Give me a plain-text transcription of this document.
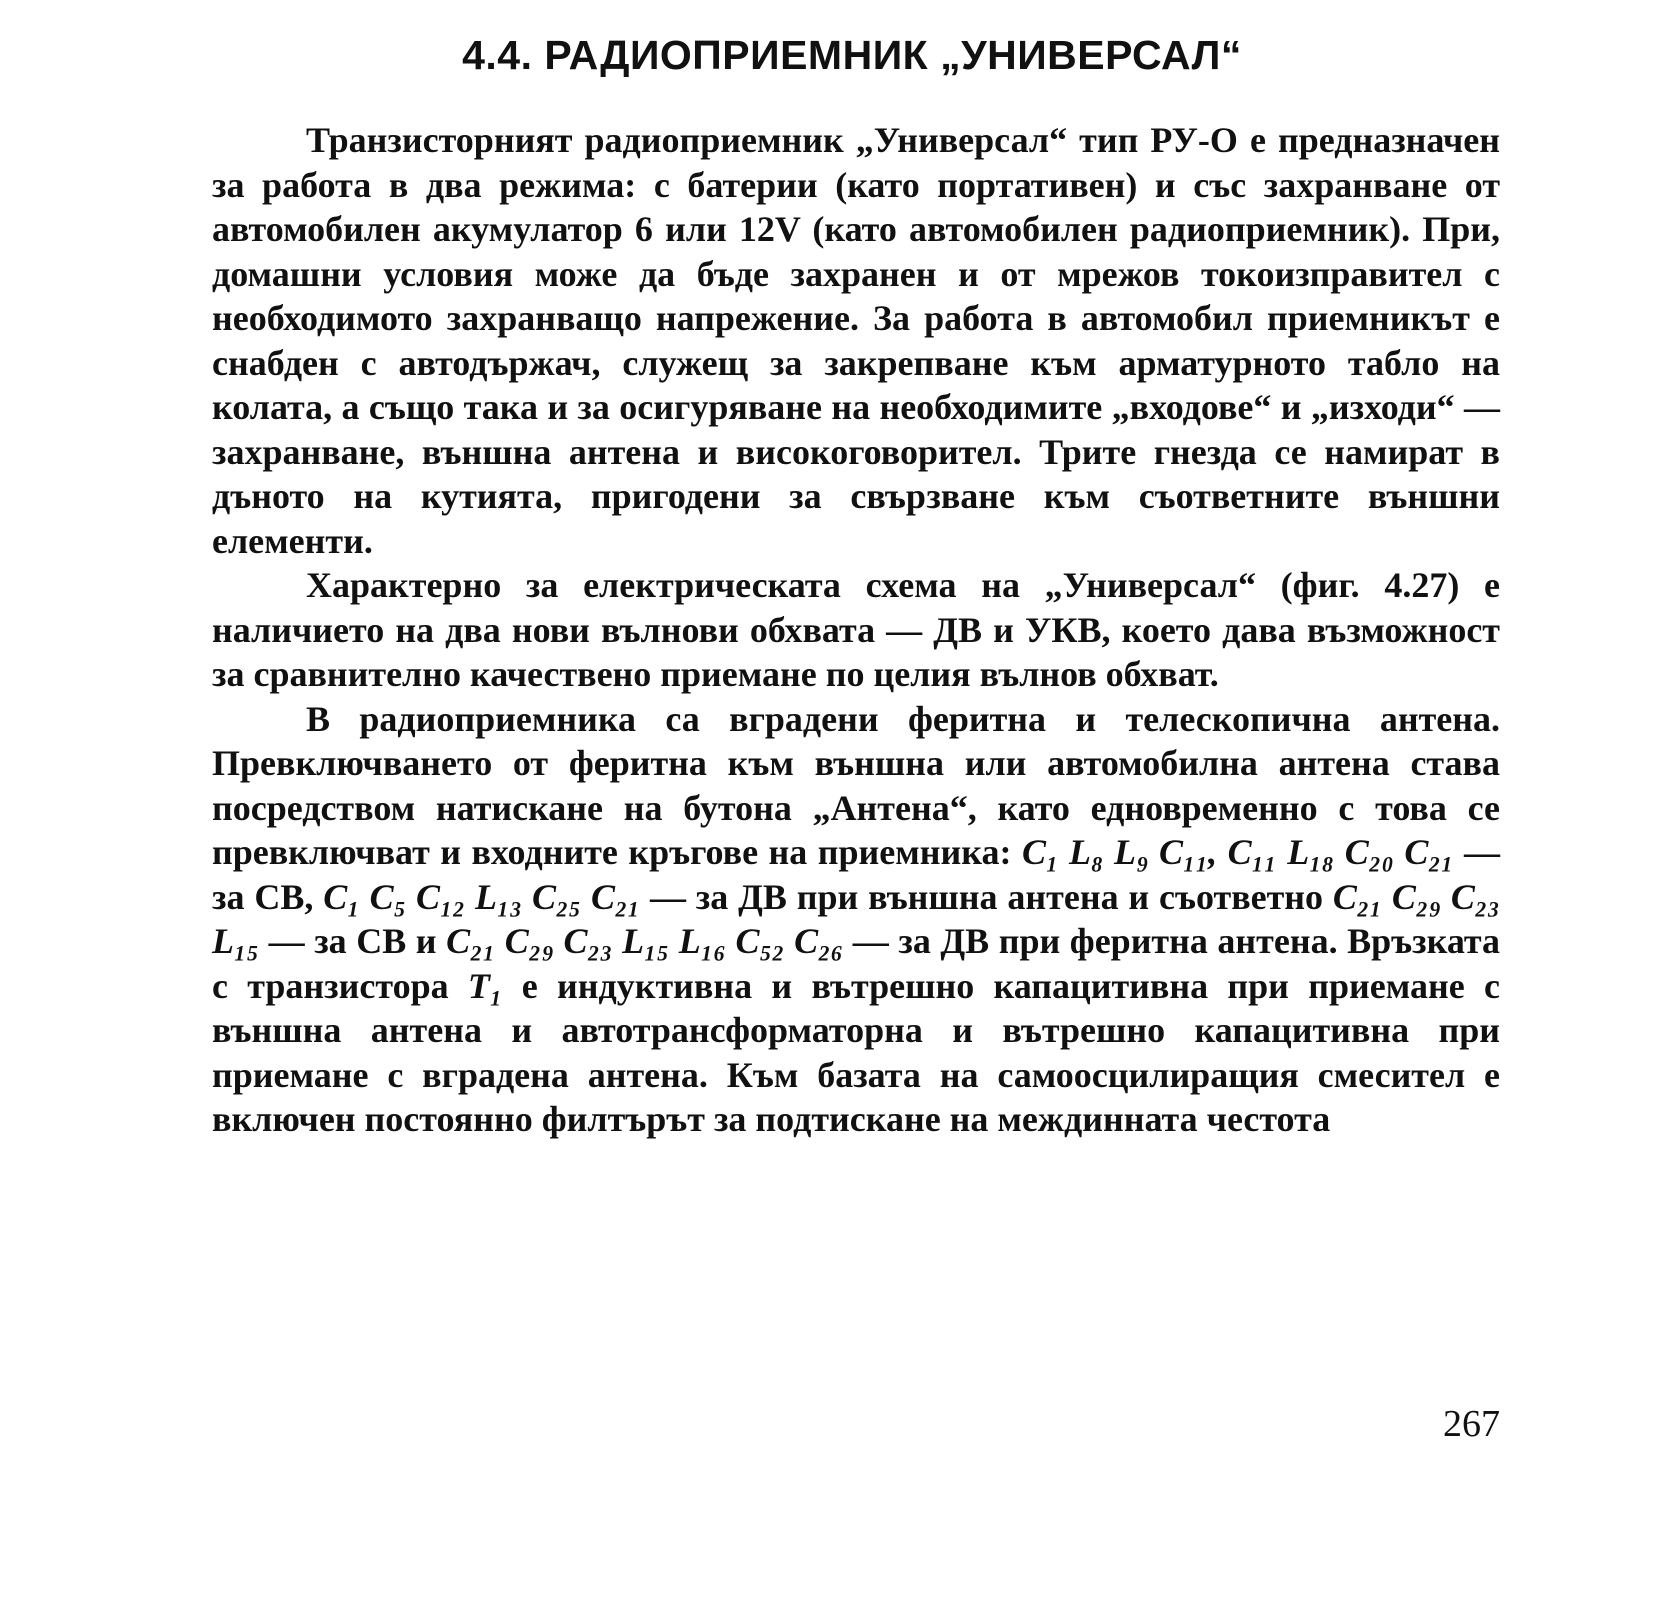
4.4. РАДИОПРИЕМНИК „УНИВЕРСАЛ“

Транзисторният радиоприемник „Универсал“ тип РУ-О е предназначен за работа в два режима: с батерии (като портативен) и със захранване от автомобилен акумулатор 6 или 12V (като автомобилен радиоприемник). При, домашни условия може да бъде захранен и от мрежов токоизправител с необходимото захранващо напрежение. За работа в автомобил приемникът е снабден с автодържач, служещ за закрепване към арматурното табло на колата, а също така и за осигуряване на необходимите „входове“ и „изходи“ — захранване, външна антена и високоговорител. Трите гнезда се намират в дъното на кутията, пригодени за свързване към съответните външни елементи.

Характерно за електрическата схема на „Универсал“ (фиг. 4.27) е наличието на два нови вълнови обхвата — ДВ и УКВ, което дава възможност за сравнително качествено приемане по целия вълнов обхват.

В радиоприемника са вградени феритна и телескопична антена. Превключването от феритна към външна или автомобилна антена става посредством натискане на бутона „Антена“, като едновременно с това се превключват и входните кръгове на приемника: C₁ L₈ L₉ C₁₁, C₁₁ L₁₈ C₂₀ C₂₁ — за СВ, C₁ C₅ C₁₂ L₁₃ C₂₅ C₂₁ — за ДВ при външна антена и съответно C₂₁ C₂₉ C₂₃ L₁₅ — за СВ и C₂₁ C₂₉ C₂₃ L₁₅ L₁₆ C₅₂ C₂₆ — за ДВ при феритна антена. Връзката с транзистора T₁ е индуктивна и вътрешно капацитивна при приемане с външна антена и автотрансформаторна и вътрешно капацитивна при приемане с вградена антена. Към базата на самоосцилиращия смесител е включен постоянно филтърът за подтискане на междинната честота

267
